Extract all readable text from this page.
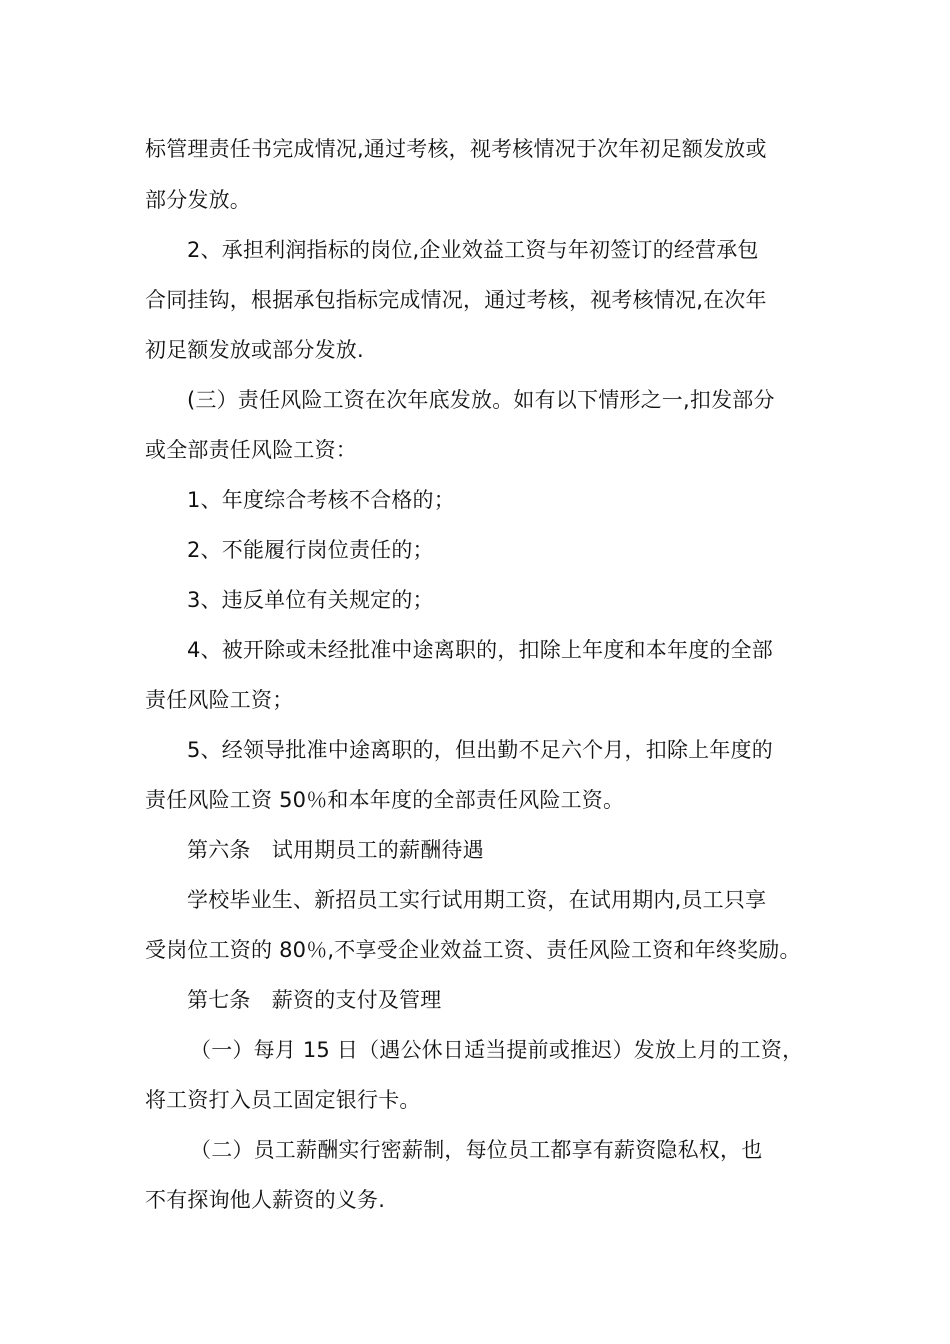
标管理责任书完成情况,通过考核，视考核情况于次年初足额发放或
部分发放。
2、承担利润指标的岗位,企业效益工资与年初签订的经营承包
合同挂钩，根据承包指标完成情况，通过考核，视考核情况,在次年
初足额发放或部分发放.
(三）责任风险工资在次年底发放。如有以下情形之一,扣发部分
或全部责任风险工资：
1、年度综合考核不合格的；
2、不能履行岗位责任的；
3、违反单位有关规定的；
4、被开除或未经批准中途离职的，扣除上年度和本年度的全部
责任风险工资；
5、经领导批准中途离职的，但出勤不足六个月，扣除上年度的
责任风险工资 50％和本年度的全部责任风险工资。
第六条　试用期员工的薪酬待遇
学校毕业生、新招员工实行试用期工资，在试用期内,员工只享
受岗位工资的 80％,不享受企业效益工资、责任风险工资和年终奖励。
第七条　薪资的支付及管理
（一）每月 15 日（遇公休日适当提前或推迟）发放上月的工资，
将工资打入员工固定银行卡。
（二）员工薪酬实行密薪制，每位员工都享有薪资隐私权，也
不有探询他人薪资的义务.
